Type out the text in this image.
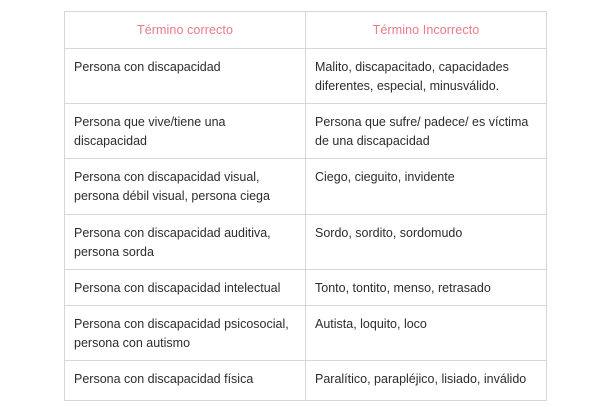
Término correcto	Término Incorrecto
Persona con discapacidad	Malito, discapacitado, capacidades diferentes, especial, minusválido.
Persona que vive/tiene una discapacidad	Persona que sufre/ padece/ es víctima de una discapacidad
Persona con discapacidad visual, persona débil visual, persona ciega	Ciego, cieguito, invidente
Persona con discapacidad auditiva, persona sorda	Sordo, sordito, sordomudo
Persona con discapacidad intelectual	Tonto, tontito, menso, retrasado
Persona con discapacidad psicosocial, persona con autismo	Autista, loquito, loco
Persona con discapacidad física	Paralítico, parapléjico, lisiado, inválido
